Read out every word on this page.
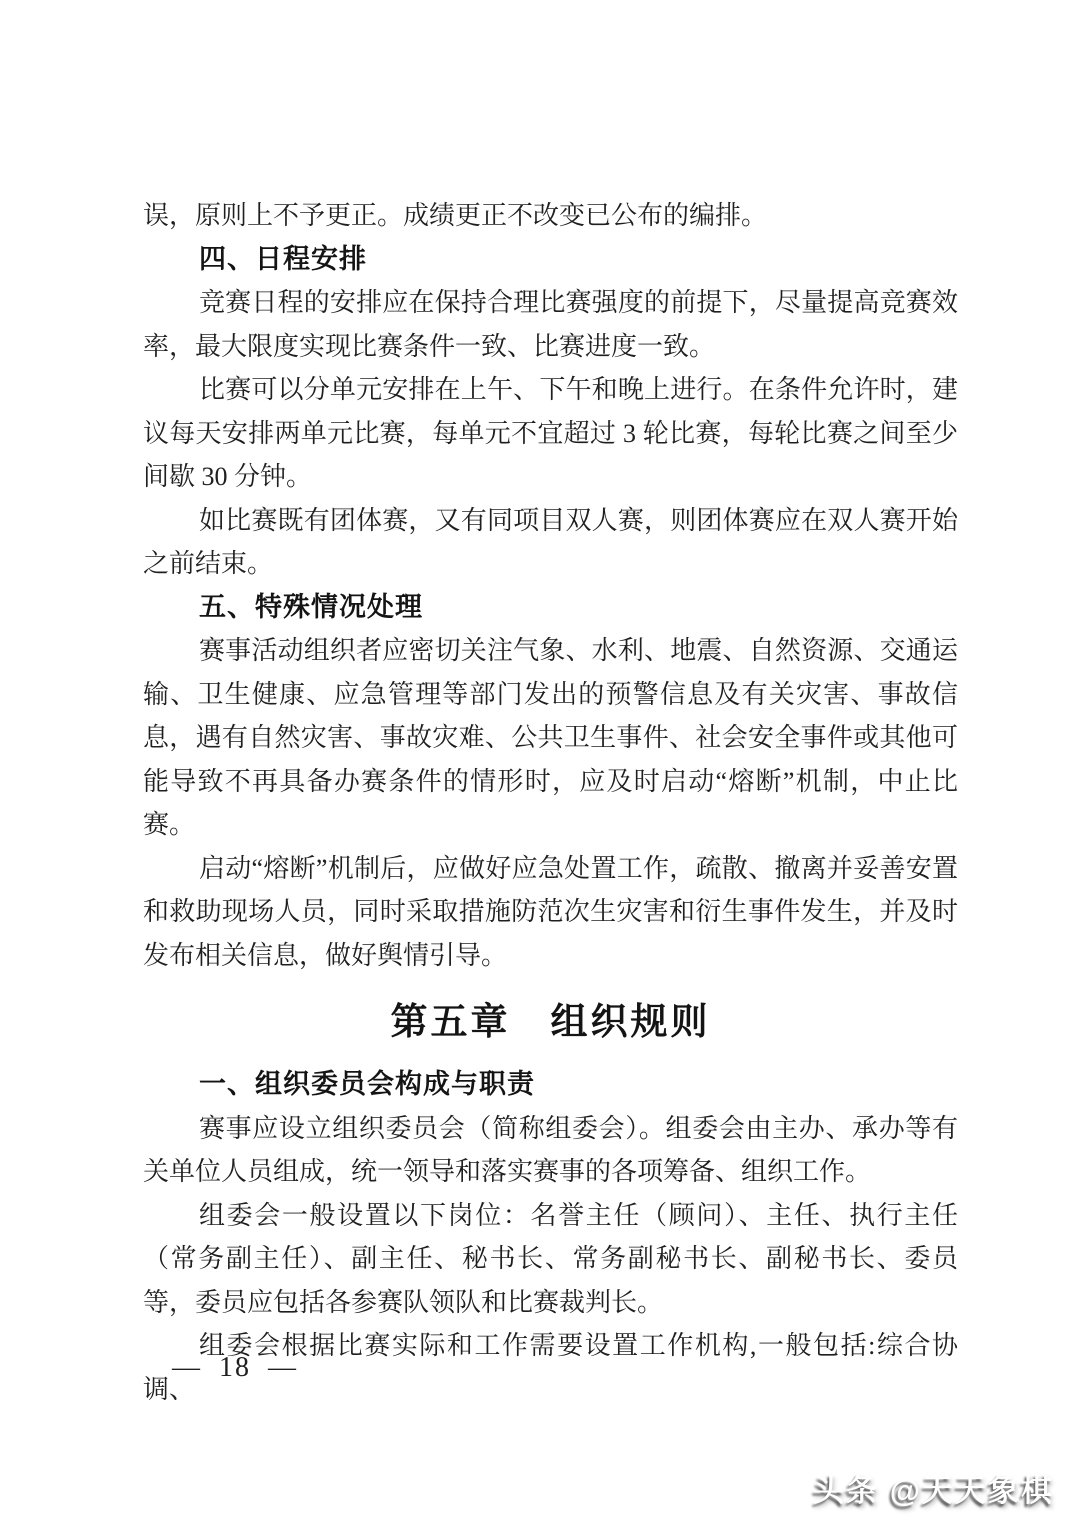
误，原则上不予更正。成绩更正不改变已公布的编排。

四、日程安排

竞赛日程的安排应在保持合理比赛强度的前提下，尽量提高竞赛效率，最大限度实现比赛条件一致、比赛进度一致。

比赛可以分单元安排在上午、下午和晚上进行。在条件允许时，建议每天安排两单元比赛，每单元不宜超过 3 轮比赛，每轮比赛之间至少间歇 30 分钟。

如比赛既有团体赛，又有同项目双人赛，则团体赛应在双人赛开始之前结束。

五、特殊情况处理

赛事活动组织者应密切关注气象、水利、地震、自然资源、交通运输、卫生健康、应急管理等部门发出的预警信息及有关灾害、事故信息，遇有自然灾害、事故灾难、公共卫生事件、社会安全事件或其他可能导致不再具备办赛条件的情形时，应及时启动“熔断”机制，中止比赛。

启动“熔断”机制后，应做好应急处置工作，疏散、撤离并妥善安置和救助现场人员，同时采取措施防范次生灾害和衍生事件发生，并及时发布相关信息，做好舆情引导。

第五章　组织规则
一、组织委员会构成与职责

赛事应设立组织委员会（简称组委会）。组委会由主办、承办等有关单位人员组成，统一领导和落实赛事的各项筹备、组织工作。

组委会一般设置以下岗位：名誉主任（顾问）、主任、执行主任（常务副主任）、副主任、秘书长、常务副秘书长、副秘书长、委员等，委员应包括各参赛队领队和比赛裁判长。

组委会根据比赛实际和工作需要设置工作机构,一般包括:综合协调、

— 18 —
头条 @天天象棋
